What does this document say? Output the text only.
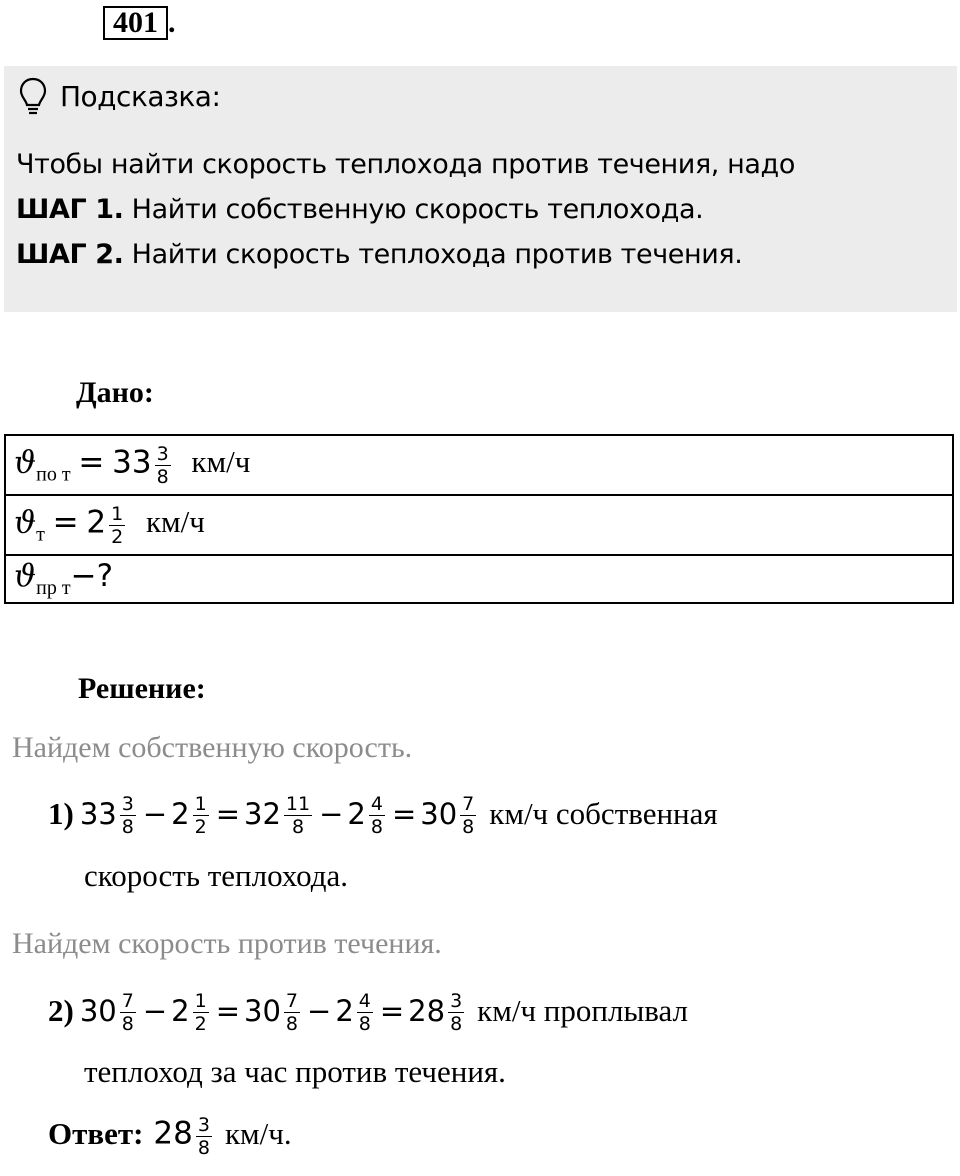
401 .
Подсказка:
Чтобы найти скорость теплохода против течения, надо
ШАГ 1. Найти собственную скорость теплохода.
ШАГ 2. Найти скорость теплохода против течения.
Дано:
$ϑ_{по т} = 33 \frac{3}{8} км/ч$
$ϑ_т = 2 \frac{1}{2} км/ч$
$ϑ_{пр т}-$?
Решение:
Найдем собственную скорость.
1) $33 \frac{3}{8} - 2 \frac{1}{2} = 32 \frac{11}{8} - 2 \frac{4}{8} = 30 \frac{7}{8} км/ч$ собственная
скорость теплохода.
Найдем скорость против течения.
2) $30 \frac{7}{8} - 2 \frac{1}{2} = 30 \frac{7}{8} - 2 \frac{4}{8} = 28 \frac{3}{8} км/ч$ проплывал
теплоход за час против течения.
Ответ: $28 \frac{3}{8} км/ч$.
